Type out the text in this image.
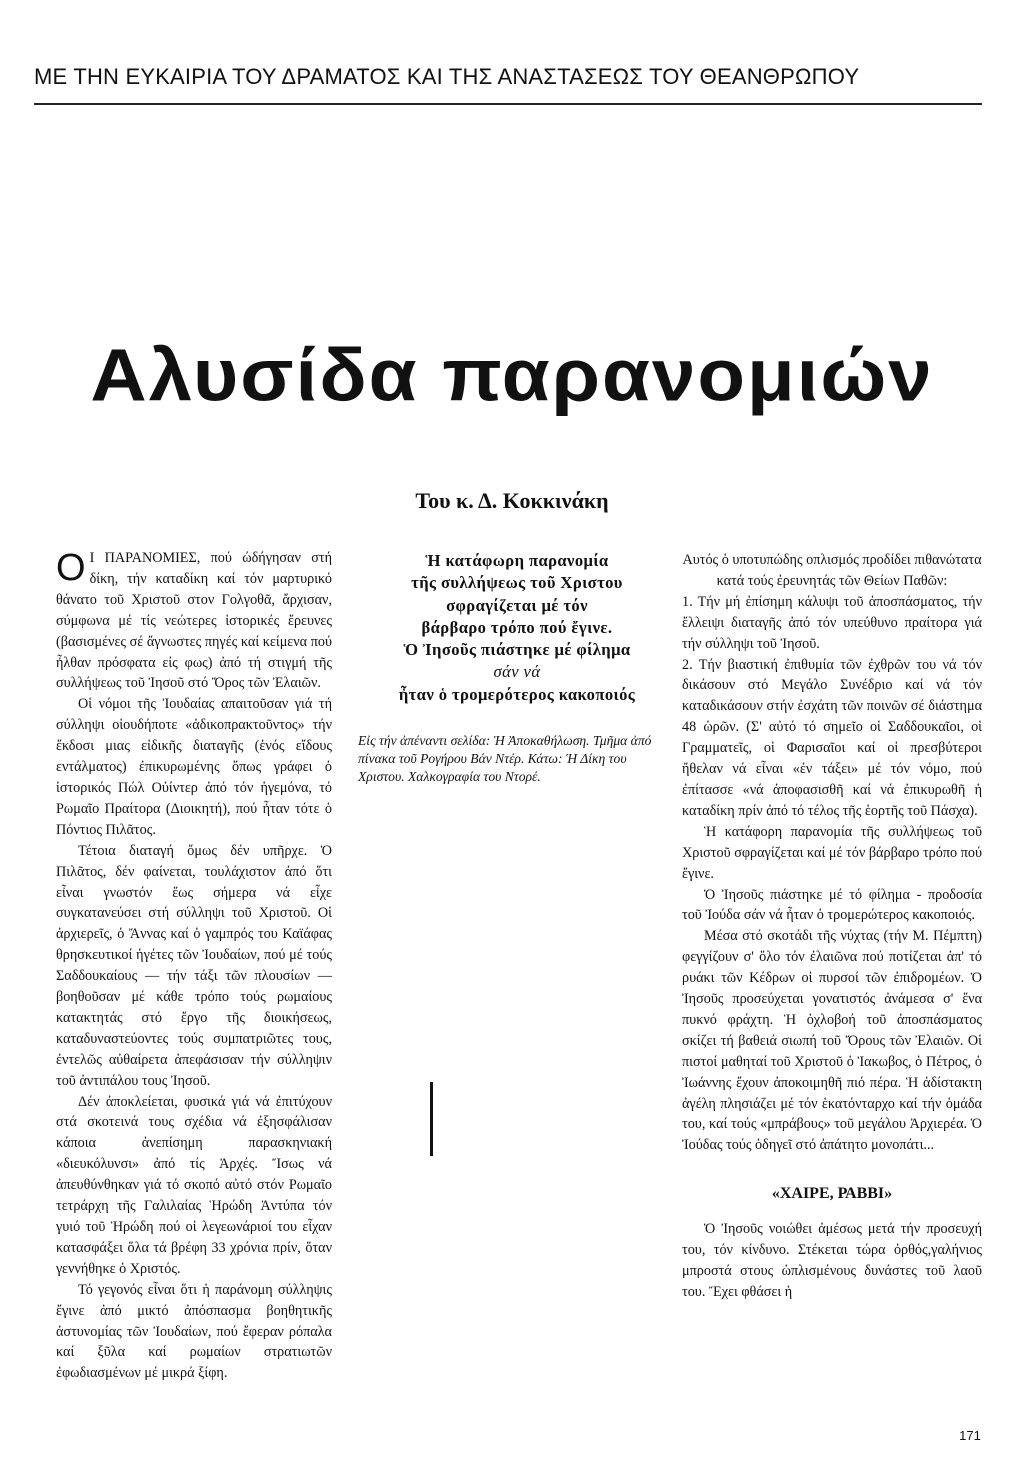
ΜΕ ΤΗΝ ΕΥΚΑΙΡΙΑ ΤΟΥ ΔΡΑΜΑΤΟΣ ΚΑΙ ΤΗΣ ΑΝΑΣΤΑΣΕΩΣ ΤΟΥ ΘΕΑΝΘΡΩΠΟΥ
Αλυσίδα παρανομιών
Του κ. Δ. Κοκκινάκη

Ο Ι ΠΑΡΑΝΟΜΙΕΣ, πού ώδήγησαν στή δίκη, τήν καταδίκη καί τόν μαρτυρικό θάνατο τοῦ Χριστοῦ στον Γολγοθᾶ, ἄρχισαν, σύμφωνα μέ τίς νεώτερες ἱστορικές ἔρευνες (βασισμένες σέ ἄγνωστες πηγές καί κείμενα πού ἦλθαν πρόσφατα εἰς φως) ἀπό τή στιγμή τῆς συλλήψεως τοῦ Ἰησοῦ στό Ὄρος τῶν Ἐλαιῶν.

Οἱ νόμοι τῆς Ἰουδαίας απαιτοῦσαν γιά τή σύλληψι οἱουδήποτε «ἀδικοπρακτοῦντος» τήν ἔκδοσι μιας εἰδικῆς διαταγῆς (ἑνός εἴδους εντάλματος) ἐπικυρωμένης ὅπως γράφει ὁ ἱστορικός Πώλ Οὐίντερ ἀπό τόν ἡγεμόνα, τό Ρωμαῖο Πραίτορα (Διοικητή), πού ἦταν τότε ὁ Πόντιος Πιλᾶτος.

Τέτοια διαταγή ὅμως δέν υπῆρχε. Ὁ Πιλᾶτος, δέν φαίνεται, τουλάχιστον ἀπό ὅτι εἶναι γνωστόν ἕως σήμερα νά εἶχε συγκατανεύσει στή σύλληψι τοῦ Χριστοῦ. Οἱ ἀρχιερεῖς, ὁ Ἄννας καί ὁ γαμπρός του Καϊάφας θρησκευτικοί ἡγέτες τῶν Ἰουδαίων, πού μέ τούς Σαδδουκαίους — τήν τάξι τῶν πλουσίων — βοηθοῦσαν μέ κάθε τρόπο τούς ρωμαίους κατακτητάς στό ἔργο τῆς διοικήσεως, καταδυναστεύοντες τούς συμπατριῶτες τους, ἐντελῶς αὐθαίρετα ἀπεφάσισαν τήν σύλληψιν τοῦ ἀντιπάλου τους Ἰησοῦ.

Δέν ἀποκλείεται, φυσικά γιά νά ἐπιτύχουν στά σκοτεινά τους σχέδια νά ἐξησφάλισαν κάποια ἀνεπίσημη παρασκηνιακή «διευκόλυνσι» ἀπό τίς Ἀρχές. Ἴσως νά ἀπευθύνθηκαν γιά τό σκοπό αὐτό στόν Ρωμαῖο τετράρχη τῆς Γαλιλαίας Ἡρώδη Ἀντύπα τόν γυιό τοῦ Ἡρώδη πού οἱ λεγεωνάριοί του εἶχαν κατασφάξει ὅλα τά βρέφη 33 χρόνια πρίν, ὅταν γεννήθηκε ὁ Χριστός.

Τό γεγονός εἶναι ὅτι ἡ παράνομη σύλληψις ἔγινε ἀπό μικτό ἀπόσπασμα βοηθητικῆς ἀστυνομίας τῶν Ἰουδαίων, πού ἔφεραν ρόπαλα καί ξῦλα καί ρωμαίων στρατιωτῶν ἐφωδιασμένων μέ μικρά ξίφη.

Ἡ κατάφωρη παρανομία
τῆς συλλήψεως τοῦ Χριστου
σφραγίζεται μέ τόν
βάρβαρο τρόπο πού ἔγινε.
Ὁ Ἰησοῦς πιάστηκε μέ φίλημα
σάν νά
ἦταν ὁ τρομερότερος κακοποιός
Εἰς τήν ἀπέναντι σελίδα: Ἡ Ἀποκαθήλωση. Τμῆμα ἀπό πίνακα τοῦ Ρογήρου Βάν Ντέρ. Κάτω: Ἡ Δίκη του Χριστου. Χαλκογραφία του Ντορέ.

Αυτός ὁ υποτυπώδης οπλισμός προδίδει πιθανώτατα κατά τούς ἐρευνητάς τῶν Θείων Παθῶν:

1. Τήν μή ἐπίσημη κάλυψι τοῦ ἀποσπάσματος, τήν ἔλλειψι διαταγῆς ἀπό τόν υπεύθυνο πραίτορα γιά τήν σύλληψι τοῦ Ἰησοῦ.

2. Τήν βιαστική ἐπιθυμία τῶν ἐχθρῶν του νά τόν δικάσουν στό Μεγάλο Συνέδριο καί νά τόν καταδικάσουν στήν ἐσχάτη τῶν ποινῶν σέ διάστημα 48 ὡρῶν. (Σ' αὐτό τό σημεῖο οἱ Σαδδουκαῖοι, οἱ Γραμματεῖς, οἱ Φαρισαῖοι καί οἱ πρεσβύτεροι ἤθελαν νά εἶναι «ἐν τάξει» μέ τόν νόμο, πού ἐπίτασσε «νά ἀποφασισθῆ καί νά ἐπικυρωθῆ ἡ καταδίκη πρίν ἀπό τό τέλος τῆς ἑορτῆς τοῦ Πάσχα).

Ἡ κατάφορη παρανομία τῆς συλλήψεως τοῦ Χριστοῦ σφραγίζεται καί μέ τόν βάρβαρο τρόπο πού ἔγινε.

Ὁ Ἰησοῦς πιάστηκε μέ τό φίλημα - προδοσία τοῦ Ἰούδα σάν νά ἦταν ὁ τρομερώτερος κακοποιός.

Μέσα στό σκοτάδι τῆς νύχτας (τήν Μ. Πέμπτη) φεγγίζουν σ' ὅλο τόν ἐλαιῶνα πού ποτίζεται ἀπ' τό ρυάκι τῶν Κέδρων οἱ πυρσοί τῶν ἐπιδρομέων. Ὁ Ἰησοῦς προσεύχεται γονατιστός ἀνάμεσα σ' ἕνα πυκνό φράχτη. Ἡ ὀχλοβοή τοῦ ἀποσπάσματος σκίζει τή βαθειά σιωπή τοῦ Ὄρους τῶν Ἐλαιῶν. Οἱ πιστοί μαθηταί τοῦ Χριστοῦ ὁ Ἰακωβος, ὁ Πέτρος, ὁ Ἰωάννης ἔχουν ἀποκοιμηθῆ πιό πέρα. Ἡ ἀδίστακτη ἀγέλη πλησιάζει μέ τόν ἑκατόνταρχο καί τήν ὁμάδα του, καί τούς «μπράβους» τοῦ μεγάλου Ἀρχιερέα. Ὁ Ἰούδας τούς ὁδηγεῖ στό ἀπάτητο μονοπάτι...

«ΧΑΙΡΕ, ΡΑΒΒΙ»

Ὁ Ἰησοῦς νοιώθει ἀμέσως μετά τήν προσευχή του, τόν κίνδυνο. Στέκεται τώρα ὀρθός,γαλήνιος μπροστά στους ὡπλισμένους δυνάστες τοῦ λαοῦ του. Ἔχει φθάσει ἡ

171
